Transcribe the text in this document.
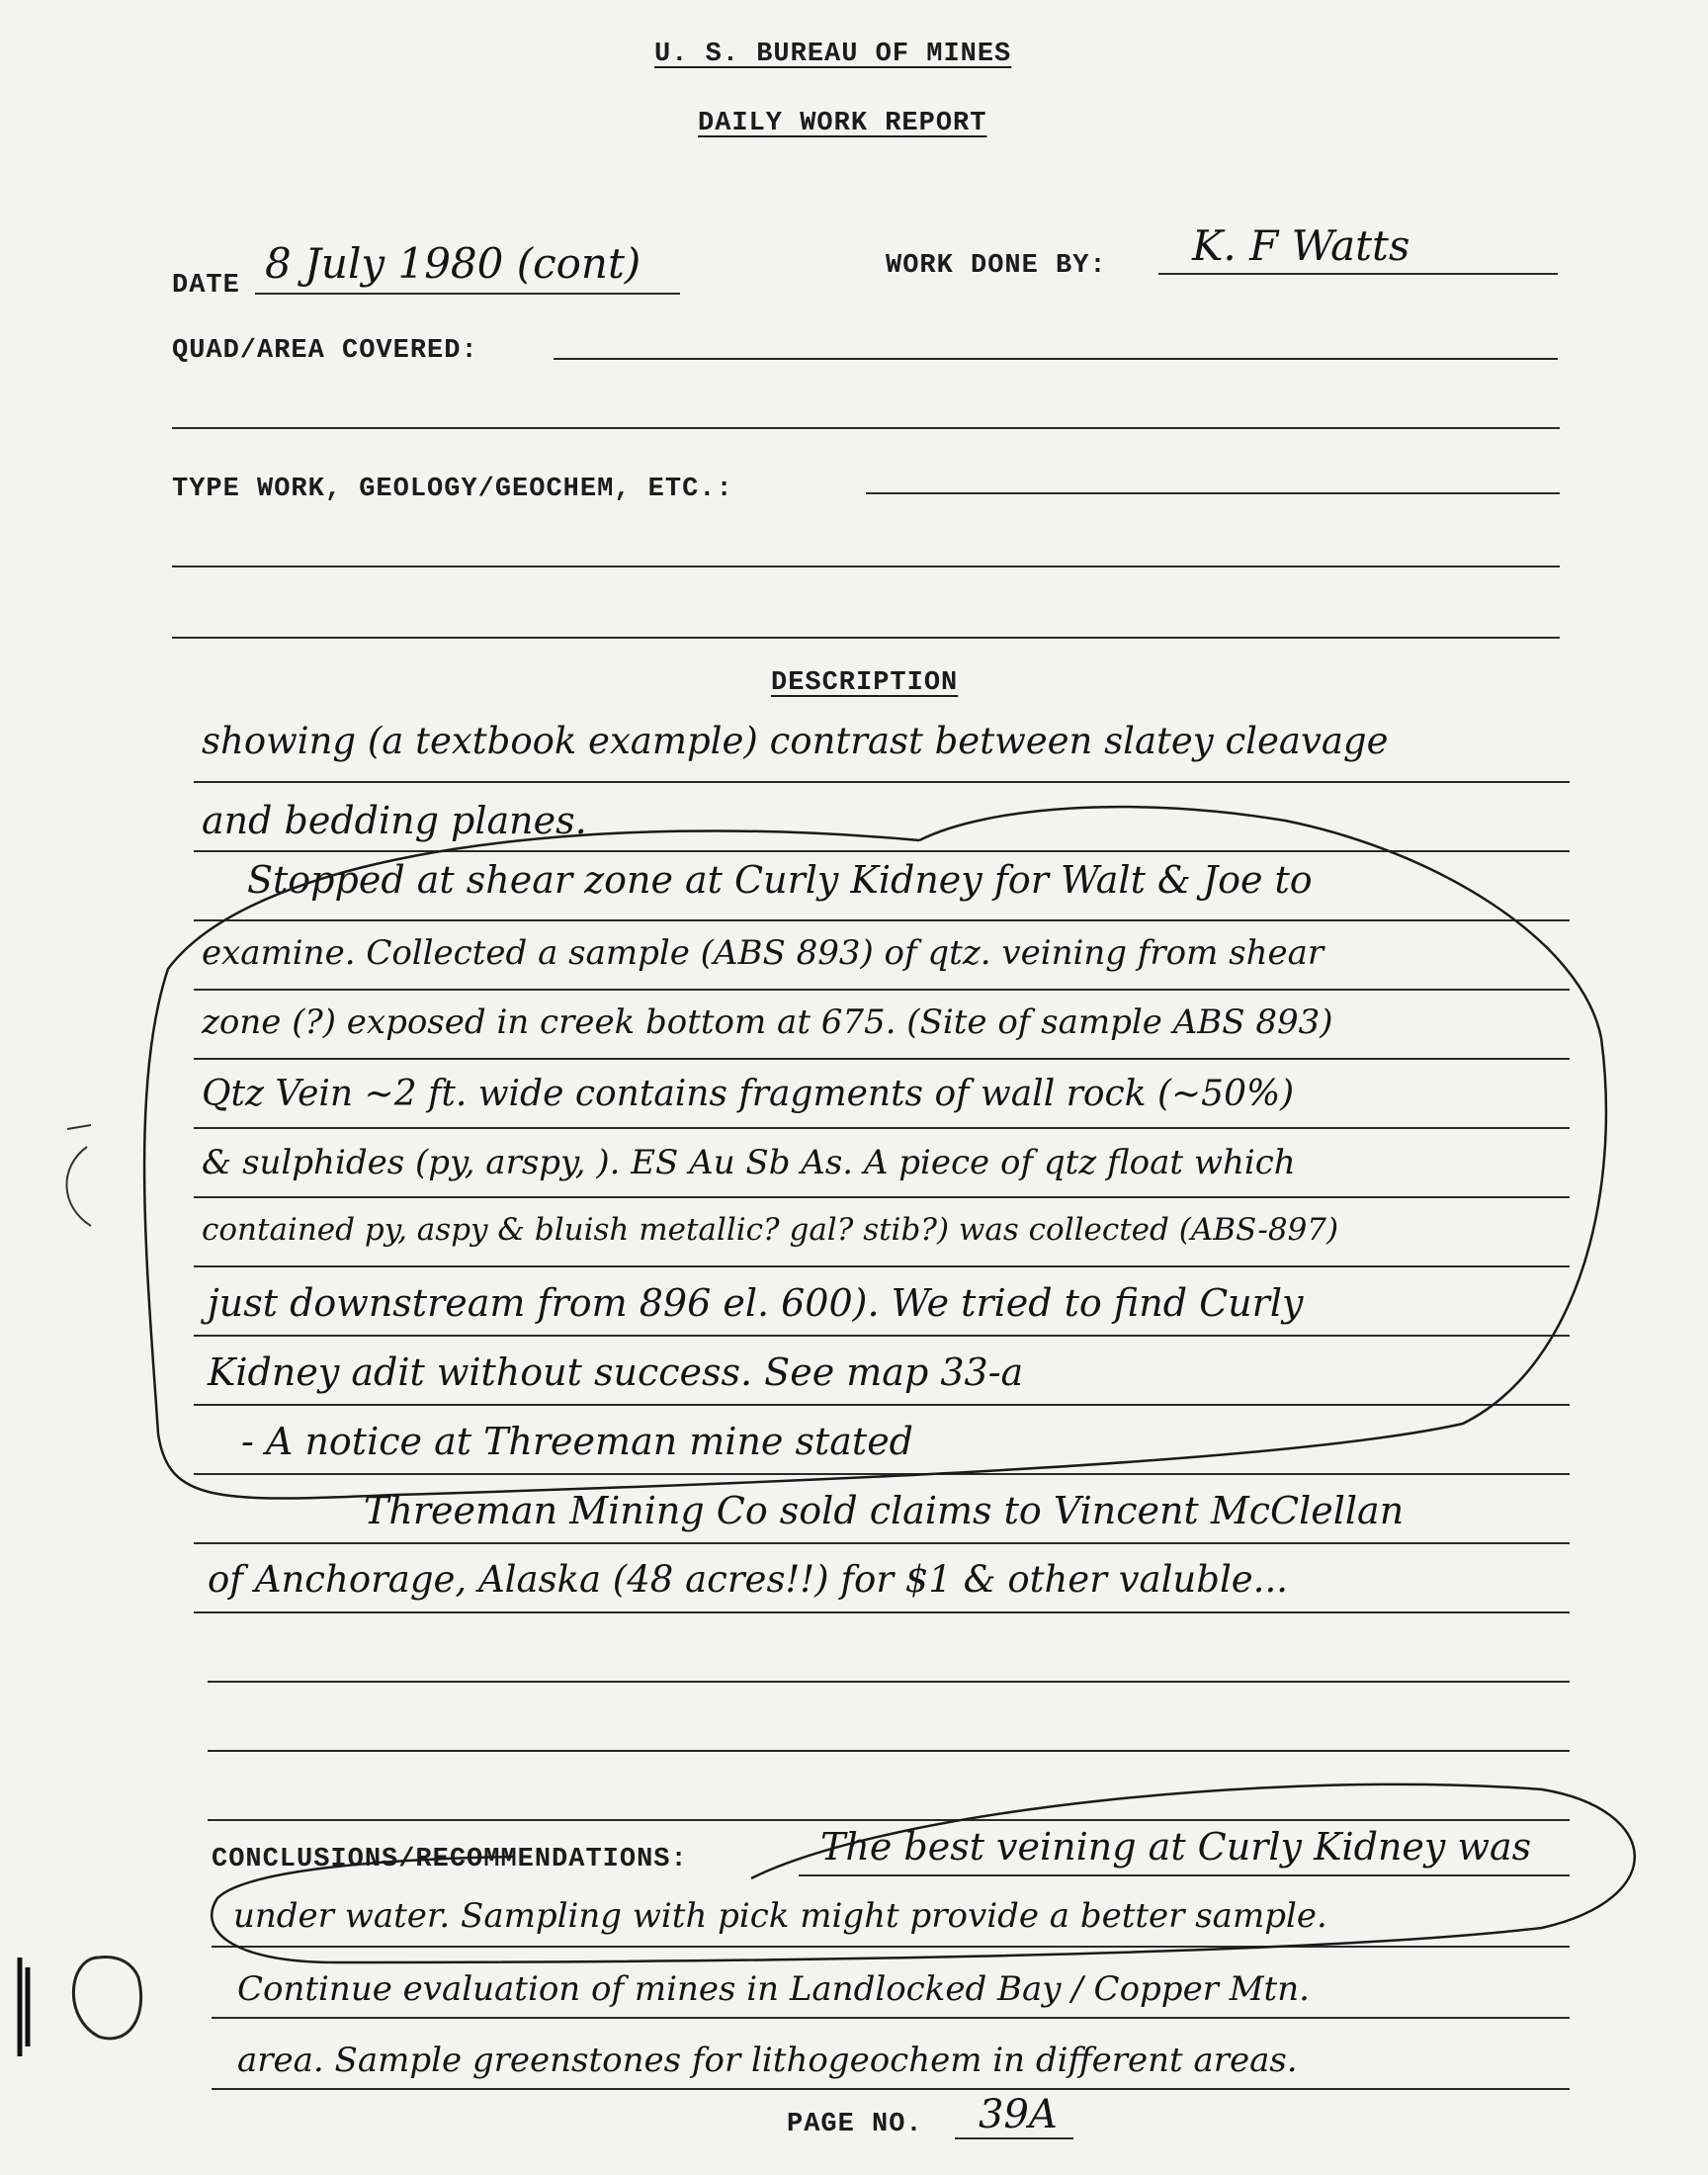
U. S. BUREAU OF MINES
DAILY WORK REPORT
DATE 8 July 1980 (cont)	WORK DONE BY: K. F Watts
QUAD/AREA COVERED:
TYPE WORK, GEOLOGY/GEOCHEM, ETC.:
DESCRIPTION
showing (a textbook example) contrast between slatey cleavage
and bedding planes.
Stopped at shear zone at Curly Kidney for Walt & Joe to
examine. Collected a sample (ABS 893) of qtz. veining from shear
zone (?) exposed in creek bottom at 675. (Site of sample ABS 893)
Qtz Vein ~2 ft. wide contains fragments of wall rock (~50%)
& sulphides (py, arspy, ). ES Au Sb As. A piece of qtz float which
contained py, aspy & bluish metallic? gal? stib?) was collected (ABS-897)
just downstream from 896 el. 600). We tried to find Curly
Kidney adit without success. See map 33-a
- A notice at Threeman mine stated
Threeman Mining Co sold claims to Vincent McClellan
of Anchorage, Alaska (48 acres!!) for $1 & other valuble...
CONCLUSIONS/RECOMMENDATIONS:	The best veining at Curly Kidney was
under water. Sampling with pick might provide a better sample.
Continue evaluation of mines in Landlocked Bay / Copper Mtn.
area. Sample greenstones for lithogeochem in different areas.
PAGE NO. 39A
